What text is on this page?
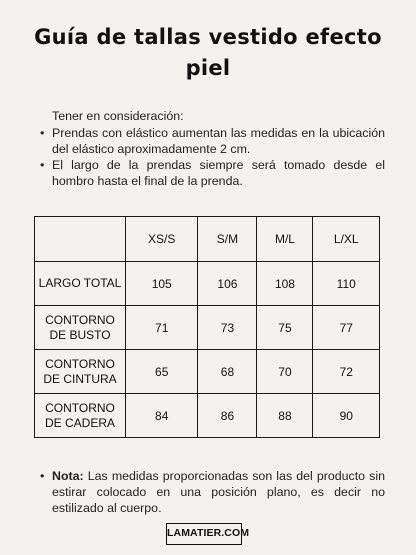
Guía de tallas vestido efecto piel
Tener en consideración:
• Prendas con elástico aumentan las medidas en la ubicación del elástico aproximadamente 2 cm.
• El largo de la prendas siempre será tomado desde el hombro hasta el final de la prenda.
	XS/S	S/M	M/L	L/XL
LARGO TOTAL	105	106	108	110
CONTORNO DE BUSTO	71	73	75	77
CONTORNO DE CINTURA	65	68	70	72
CONTORNO DE CADERA	84	86	88	90
• Nota: Las medidas proporcionadas son las del producto sin estirar colocado en una posición plano, es decir no estilizado al cuerpo.
LAMATIER.COM
